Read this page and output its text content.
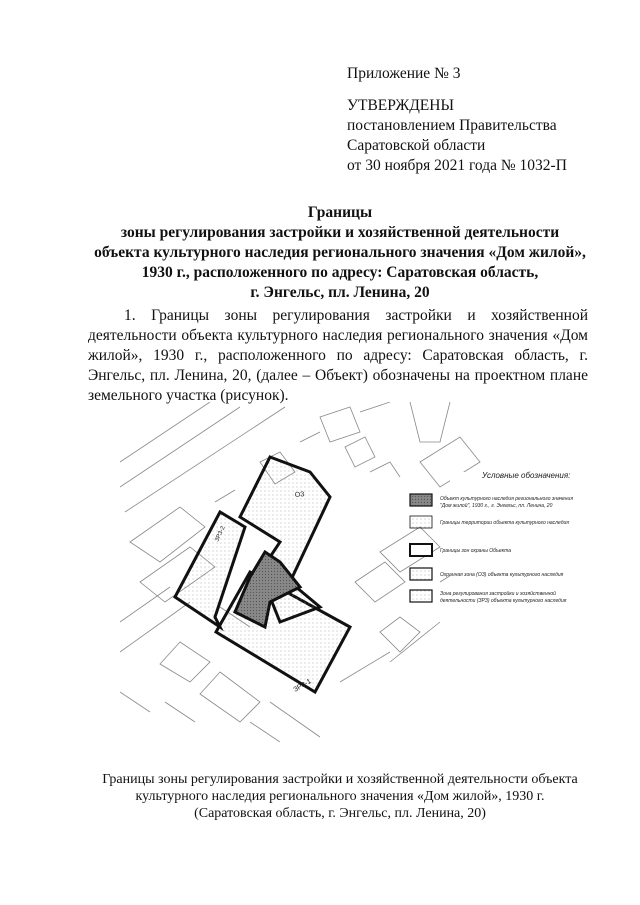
Приложение № 3
УТВЕРЖДЕНЫ
постановлением Правительства
Саратовской области
от 30 ноября 2021 года № 1032-П
Границы
зоны регулирования застройки и хозяйственной деятельности
объекта культурного наследия регионального значения «Дом жилой»,
1930 г., расположенного по адресу: Саратовская область,
г. Энгельс, пл. Ленина, 20
1. Границы зоны регулирования застройки и хозяйственной деятельности объекта культурного наследия регионального значения «Дом жилой», 1930 г., расположенного по адресу: Саратовская область, г. Энгельс, пл. Ленина, 20, (далее – Объект) обозначены на проектном плане земельного участка (рисунок).
ОЗ
ЗРЗ-2
ЗРЗ-1
Условные обозначения:
Объект культурного наследия регионального значения
"Дом жилой", 1930 г., г. Энгельс, пл. Ленина, 20
Границы территории объекта культурного наследия
Границы зон охраны Объекта
Охранная зона (ОЗ) объекта культурного наследия
Зона регулирования застройки и хозяйственной
деятельности (ЗРЗ) объекта культурного наследия
Границы зоны регулирования застройки и хозяйственной деятельности объекта
культурного наследия регионального значения «Дом жилой», 1930 г.
(Саратовская область, г. Энгельс, пл. Ленина, 20)
